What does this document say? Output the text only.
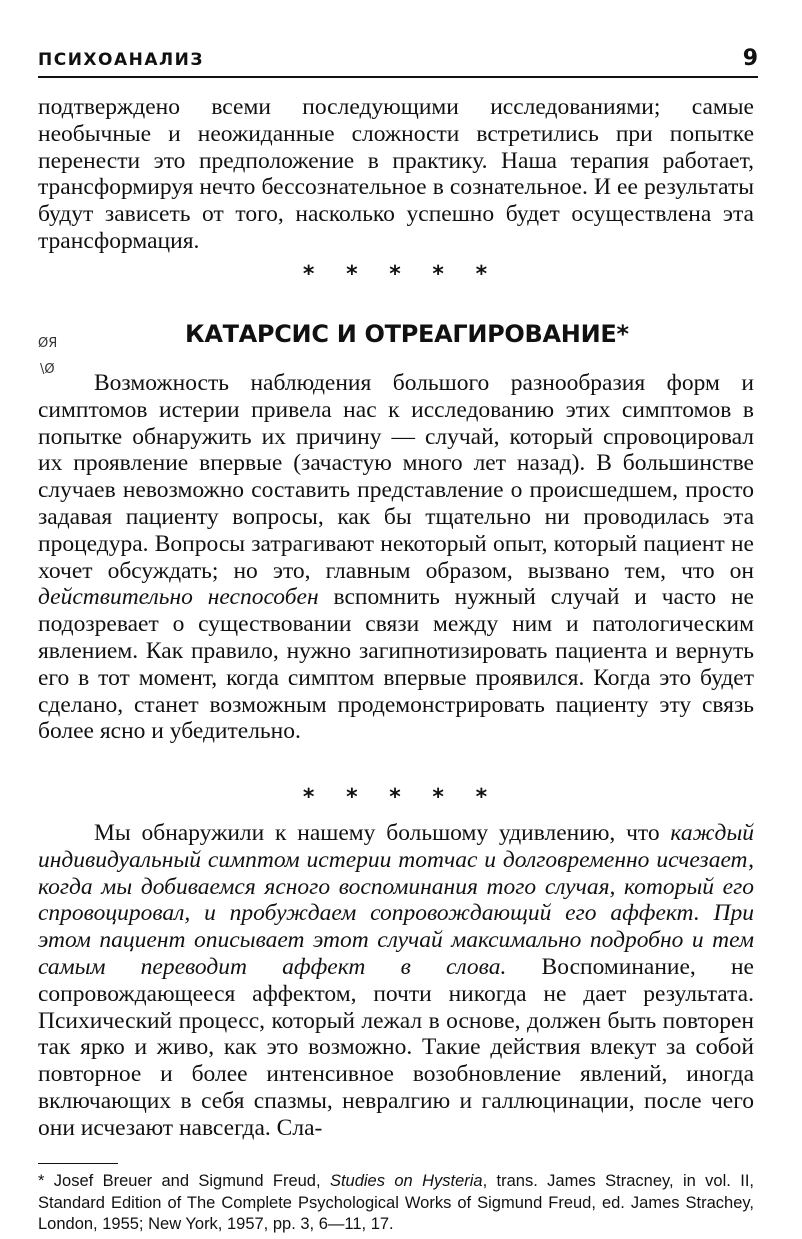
ПСИХОАНАЛИЗ	9

подтверждено всеми последующими исследованиями; самые необычные и неожиданные сложности встретились при попытке перенести это предположение в практику. Наша терапия работает, трансформируя нечто бессознательное в сознательное. И ее результаты будут зависеть от того, насколько успешно будет осуществлена эта трансформация.

* * * * *
ØЯ
\Ø
КАТАРСИС И ОТРЕАГИРОВАНИЕ*

Возможность наблюдения большого разнообразия форм и симптомов истерии привела нас к исследованию этих симптомов в попытке обнаружить их причину — случай, который спровоцировал их проявление впервые (зачастую много лет назад). В большинстве случаев невозможно составить представление о происшедшем, просто задавая пациенту вопросы, как бы тщательно ни проводилась эта процедура. Вопросы затрагивают некоторый опыт, который пациент не хочет обсуждать; но это, главным образом, вызвано тем, что он действительно неспособен вспомнить нужный случай и часто не подозревает о существовании связи между ним и патологическим явлением. Как правило, нужно загипнотизировать пациента и вернуть его в тот момент, когда симптом впервые проявился. Когда это будет сделано, станет возможным продемонстрировать пациенту эту связь более ясно и убедительно.

* * * * *

Мы обнаружили к нашему большому удивлению, что каждый индивидуальный симптом истерии тотчас и долговременно исчезает, когда мы добиваемся ясного воспоминания того случая, который его спровоцировал, и пробуждаем сопровождающий его аффект. При этом пациент описывает этот случай максимально подробно и тем самым переводит аффект в слова. Воспоминание, не сопровождающееся аффектом, почти никогда не дает результата. Психический процесс, который лежал в основе, должен быть повторен так ярко и живо, как это возможно. Такие действия влекут за собой повторное и более интенсивное возобновление явлений, иногда включающих в себя спазмы, невралгию и галлюцинации, после чего они исчезают навсегда. Сла-

* Josef Breuer and Sigmund Freud, Studies on Hysteria, trans. James Stracney, in vol. II, Standard Edition of The Complete Psychological Works of Sigmund Freud, ed. James Strachey, London, 1955; New York, 1957, pp. 3, 6—11, 17.
